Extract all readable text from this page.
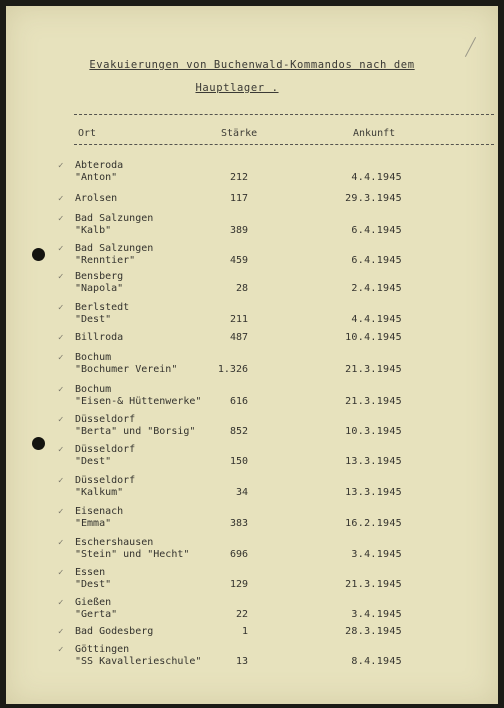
Evakuierungen von Buchenwald-Kommandos nach dem
Hauptlager .
Ort	Stärke	Ankunft
✓ Abteroda
"Anton"	212	4.4.1945
✓ Arolsen	117	29.3.1945
✓ Bad Salzungen
"Kalb"	389	6.4.1945
✓ Bad Salzungen
"Renntier"	459	6.4.1945
✓ Bensberg
"Napola"	28	2.4.1945
✓ Berlstedt
"Dest"	211	4.4.1945
✓ Billroda	487	10.4.1945
✓ Bochum
"Bochumer Verein"	1.326	21.3.1945
✓ Bochum
"Eisen-& Hüttenwerke"	616	21.3.1945
✓ Düsseldorf
"Berta" und "Borsig"	852	10.3.1945
✓ Düsseldorf
"Dest"	150	13.3.1945
✓ Düsseldorf
"Kalkum"	34	13.3.1945
✓ Eisenach
"Emma"	383	16.2.1945
✓ Eschershausen
"Stein" und "Hecht"	696	3.4.1945
✓ Essen
"Dest"	129	21.3.1945
✓ Gießen
"Gerta"	22	3.4.1945
✓ Bad Godesberg	1	28.3.1945
✓ Göttingen
"SS Kavallerieschule"	13	8.4.1945
